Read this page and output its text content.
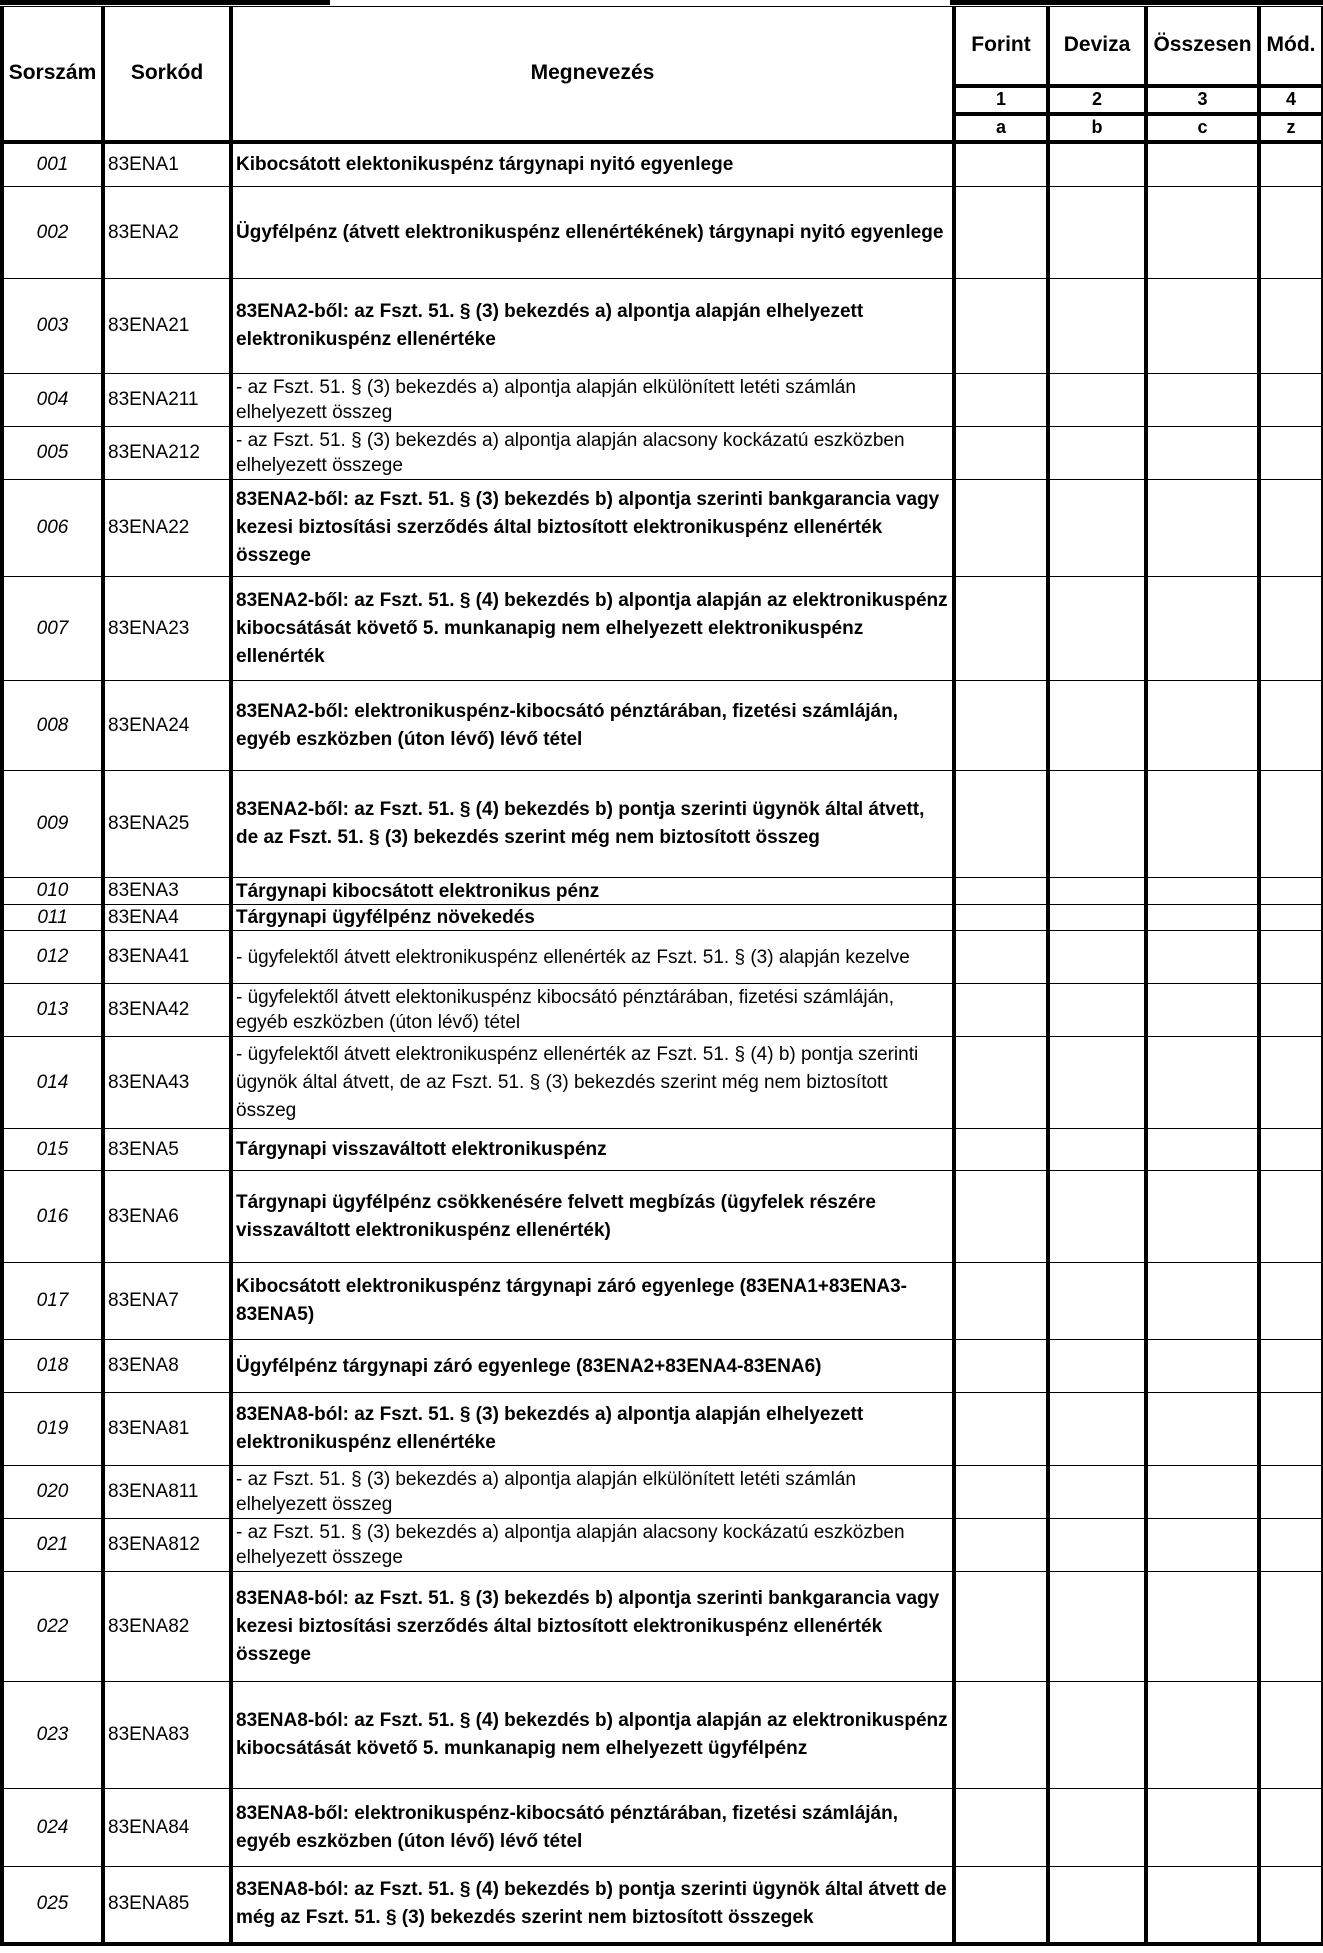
Sorszám	Sorkód	Megnevezés	Forint	Deviza	Összesen	Mód.
			1	2	3	4
			a	b	c	z
001	83ENA1	Kibocsátott elektonikuspénz tárgynapi nyitó egyenlege				
002	83ENA2	Ügyfélpénz (átvett elektronikuspénz ellenértékének) tárgynapi nyitó egyenlege				
003	83ENA21	83ENA2-ből: az Fszt. 51. § (3) bekezdés a) alpontja alapján elhelyezett elektronikuspénz ellenértéke				
004	83ENA211	- az Fszt. 51. § (3) bekezdés a) alpontja alapján elkülönített letéti számlán elhelyezett összeg				
005	83ENA212	- az Fszt. 51. § (3) bekezdés a) alpontja alapján alacsony kockázatú eszközben elhelyezett összege				
006	83ENA22	83ENA2-ből: az Fszt. 51. § (3) bekezdés b) alpontja szerinti bankgarancia vagy kezesi biztosítási szerződés által biztosított elektronikuspénz ellenérték összege				
007	83ENA23	83ENA2-ből: az Fszt. 51. § (4) bekezdés b) alpontja alapján az elektronikuspénz kibocsátását követő 5. munkanapig nem elhelyezett elektronikuspénz ellenérték				
008	83ENA24	83ENA2-ből: elektronikuspénz-kibocsátó pénztárában, fizetési számláján, egyéb eszközben (úton lévő) lévő tétel				
009	83ENA25	83ENA2-ből: az Fszt. 51. § (4) bekezdés b) pontja szerinti ügynök által átvett, de az Fszt. 51. § (3) bekezdés szerint még nem biztosított összeg				
010	83ENA3	Tárgynapi kibocsátott elektronikus pénz				
011	83ENA4	Tárgynapi ügyfélpénz növekedés				
012	83ENA41	- ügyfelektől átvett elektronikuspénz ellenérték az Fszt. 51. § (3) alapján kezelve				
013	83ENA42	- ügyfelektől átvett elektonikuspénz kibocsátó pénztárában, fizetési számláján, egyéb eszközben (úton lévő) tétel				
014	83ENA43	- ügyfelektől átvett elektronikuspénz ellenérték az Fszt. 51. § (4) b) pontja szerinti ügynök által átvett, de az Fszt. 51. § (3) bekezdés szerint még nem biztosított összeg				
015	83ENA5	Tárgynapi visszaváltott elektronikuspénz				
016	83ENA6	Tárgynapi ügyfélpénz csökkenésére felvett megbízás (ügyfelek részére visszaváltott elektronikuspénz ellenérték)				
017	83ENA7	Kibocsátott elektronikuspénz tárgynapi záró egyenlege (83ENA1+83ENA3-83ENA5)				
018	83ENA8	Ügyfélpénz tárgynapi záró egyenlege (83ENA2+83ENA4-83ENA6)				
019	83ENA81	83ENA8-ból: az Fszt. 51. § (3) bekezdés a) alpontja alapján elhelyezett elektronikuspénz ellenértéke				
020	83ENA811	- az Fszt. 51. § (3) bekezdés a) alpontja alapján elkülönített letéti számlán elhelyezett összeg				
021	83ENA812	- az Fszt. 51. § (3) bekezdés a) alpontja alapján alacsony kockázatú eszközben elhelyezett összege				
022	83ENA82	83ENA8-ból: az Fszt. 51. § (3) bekezdés b) alpontja szerinti bankgarancia vagy kezesi biztosítási szerződés által biztosított elektronikuspénz ellenérték összege				
023	83ENA83	83ENA8-ból: az Fszt. 51. § (4) bekezdés b) alpontja alapján az elektronikuspénz kibocsátását követő 5. munkanapig nem elhelyezett ügyfélpénz				
024	83ENA84	83ENA8-ből: elektronikuspénz-kibocsátó pénztárában, fizetési számláján, egyéb eszközben (úton lévő) lévő tétel				
025	83ENA85	83ENA8-ból: az Fszt. 51. § (4) bekezdés b) pontja szerinti ügynök által átvett de még az Fszt. 51. § (3) bekezdés szerint nem biztosított összegek				
